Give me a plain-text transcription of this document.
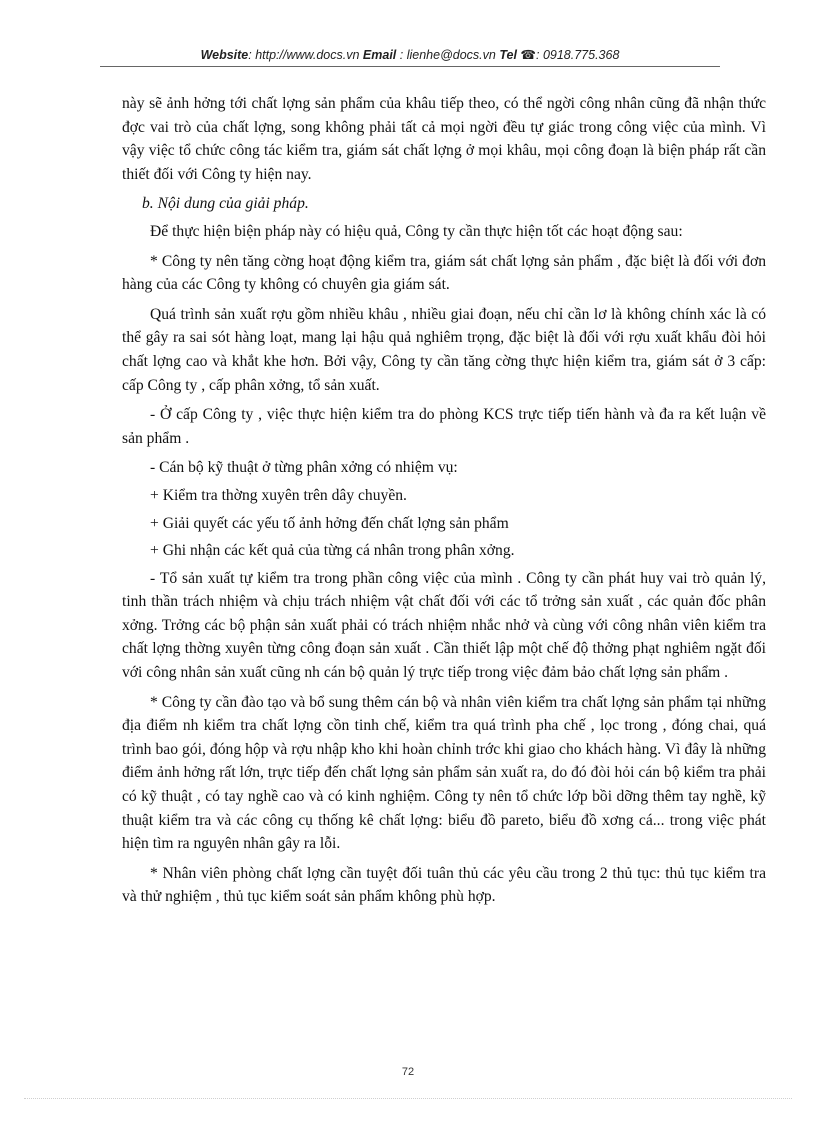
Website: http://www.docs.vn Email : lienhe@docs.vn Tel ☎: 0918.775.368

này sẽ ảnh hởng tới chất lợng sản phẩm của khâu tiếp theo, có thể ngời công nhân cũng đã nhận thức đợc vai trò của chất lợng, song không phải tất cả mọi ngời đều tự giác trong công việc của mình. Vì vậy việc tổ chức công tác kiểm tra, giám sát chất lợng ở mọi khâu, mọi công đoạn là biện pháp rất cần thiết đối với Công ty hiện nay.

b. Nội dung của giải pháp.

Để thực hiện biện pháp này có hiệu quả, Công ty cần thực hiện tốt các hoạt động sau:

* Công ty nên tăng cờng hoạt động kiểm tra, giám sát chất lợng sản phẩm , đặc biệt là đối với đơn hàng của các Công ty không có chuyên gia giám sát.

Quá trình sản xuất rợu gồm nhiều khâu , nhiều giai đoạn, nếu chỉ cần lơ là không chính xác là có thể gây ra sai sót hàng loạt, mang lại hậu quả nghiêm trọng, đặc biệt là đối với rợu xuất khẩu đòi hỏi chất lợng cao và khắt khe hơn. Bởi vậy, Công ty cần tăng cờng thực hiện kiểm tra, giám sát ở 3 cấp: cấp Công ty , cấp phân xởng, tổ sản xuất.

- Ở cấp Công ty , việc thực hiện kiểm tra do phòng KCS trực tiếp tiến hành và đa ra kết luận về sản phẩm .

- Cán bộ kỹ thuật ở từng phân xởng có nhiệm vụ:

+ Kiểm tra thờng xuyên trên dây chuyền.

+ Giải quyết các yếu tố ảnh hởng đến chất lợng sản phẩm

+ Ghi nhận các kết quả của từng cá nhân trong phân xởng.

- Tổ sản xuất tự kiểm tra trong phần công việc của mình . Công ty cần phát huy vai trò quản lý, tinh thần trách nhiệm và chịu trách nhiệm vật chất đối với các tổ trởng sản xuất , các quản đốc phân xởng. Trởng các bộ phận sản xuất phải có trách nhiệm nhắc nhở và cùng với công nhân viên kiểm tra chất lợng thờng xuyên từng công đoạn sản xuất . Cần thiết lập một chế độ thởng phạt nghiêm ngặt đối với công nhân sản xuất cũng nh cán bộ quản lý trực tiếp trong việc đảm bảo chất lợng sản phẩm .

* Công ty cần đào tạo và bổ sung thêm cán bộ và nhân viên kiểm tra chất lợng sản phẩm tại những địa điểm nh kiểm tra chất lợng cồn tinh chế, kiểm tra quá trình pha chế , lọc trong , đóng chai, quá trình bao gói, đóng hộp và rợu nhập kho khi hoàn chỉnh trớc khi giao cho khách hàng. Vì đây là những điểm ảnh hởng rất lớn, trực tiếp đến chất lợng sản phẩm sản xuất ra, do đó đòi hỏi cán bộ kiểm tra phải có kỹ thuật , có tay nghề cao và có kinh nghiệm. Công ty nên tổ chức lớp bồi dỡng thêm tay nghề, kỹ thuật kiểm tra và các công cụ thống kê chất lợng: biểu đồ pareto, biểu đồ xơng cá... trong việc phát hiện tìm ra nguyên nhân gây ra lỗi.

* Nhân viên phòng chất lợng cần tuyệt đối tuân thủ các yêu cầu trong 2 thủ tục: thủ tục kiểm tra và thử nghiệm , thủ tục kiểm soát sản phẩm không phù hợp.

72
